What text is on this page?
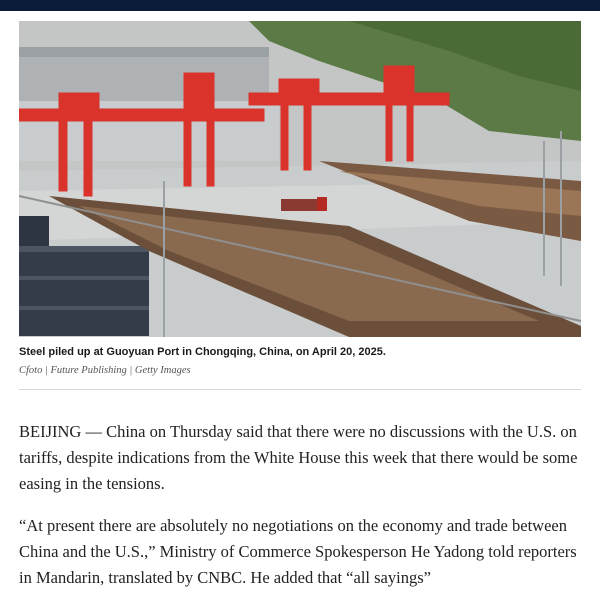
Steel piled up at Guoyuan Port in Chongqing, China, on April 20, 2025.
Cfoto | Future Publishing | Getty Images

BEIJING — China on Thursday said that there were no discussions with the U.S. on tariffs, despite indications from the White House this week that there would be some easing in the tensions.

“At present there are absolutely no negotiations on the economy and trade between China and the U.S.,” Ministry of Commerce Spokesperson He Yadong told reporters in Mandarin, translated by CNBC. He added that “all sayings”
